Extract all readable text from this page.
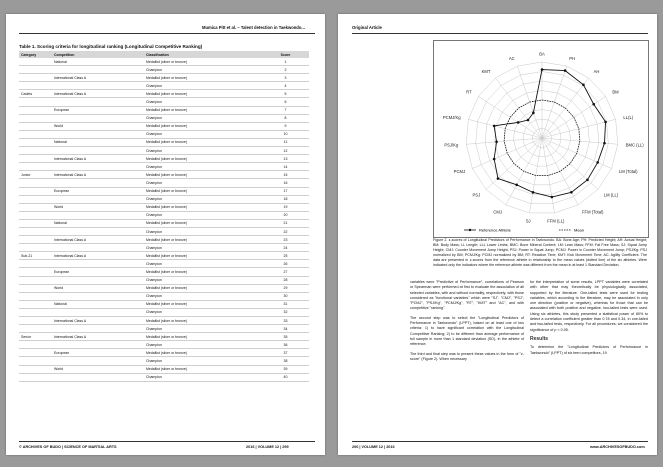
Mumica Pitt et al. – Talent detection in Taekwondo...
Table 1. Scoring criteria for longitudinal ranking (Longitudinal Competitive Ranking)
Category	Competition	Classification	Score
	National	Medallist (silver or bronze)	1
		Champion	2
	International Class A	Medallist (silver or bronze)	3
		Champion	4
Cadets	International Class A	Medallist (silver or bronze)	5
		Champion	6
	European	Medallist (silver or bronze)	7
		Champion	8
	World	Medallist (silver or bronze)	9
		Champion	10
	National	Medallist (silver or bronze)	11
		Champion	12
	International Class A	Medallist (silver or bronze)	13
		Champion	14
Junior	International Class A	Medallist (silver or bronze)	15
		Champion	16
	European	Medallist (silver or bronze)	17
		Champion	18
	World	Medallist (silver or bronze)	19
		Champion	20
	National	Medallist (silver or bronze)	21
		Champion	22
	International Class A	Medallist (silver or bronze)	23
		Champion	24
Sub-21	International Class A	Medallist (silver or bronze)	25
		Champion	26
	European	Medallist (silver or bronze)	27
		Champion	28
	World	Medallist (silver or bronze)	29
		Champion	30
	National	Medallist (silver or bronze)	31
		Champion	32
	International Class A	Medallist (silver or bronze)	33
		Champion	34
Senior	International Class A	Medallist (silver or bronze)	35
		Champion	36
	European	Medallist (silver or bronze)	37
		Champion	38
	World	Medallist (silver or bronze)	39
		Champion	40
© ARCHIVES OF BUDO | SCIENCE OF MARTIAL ARTS	2016 | VOLUME 12 | 299
Original Article
BA
PH
AH
BM
LL(L)
BMC (LL)
LM (Total)
LM (LL)
FFM (Total)
FFM (LL)
SJ
CMJ
PSJ
PCMJ
PSJ/Kg
PCMJ/Kg
RT
KMT
AC
Reference Athlete	Mean
Figure 2. z-scores of Longitudinal Predictors of Performance in Taekwondo. BA: Bone Age; PH: Predicted Height; AH: Actual Height; BM: Body Mass; LL Length; LLL Lower Limbs; BMC: Bone Mineral Content; LM: Lean Mass; FFM: Fat Free Mass; SJ: Squat Jump Height; CMJ: Counter Movement Jump Height; PSJ: Power in Squat Jump; PCMJ: Power in Counter Movement Jump; PSJ/Kg: PSJ normalized by BM; PCMJ/Kg: PCMJ normalized by BM; RT: Reaction Time; KMT: Kick Movement Time; AC: Agility Coefficient. The data are presented in z-scores from the reference athlete in relationship to the mean values (dotted line) of the six athletes. Were indicated only the indicators where the reference athlete was different from the mean in at least 1 Standard Deviation.

variables were "Predictive of Performance", correlations of Pearson or Spearman were performed at first to evaluate the association of all selected variables, with and without normality, respectively, with those considered as "functional variables" which were "SJ", "CMJ", "PSJ", "PCMJ", "PSJ/Kg", "PCMJ/Kg", "RT", "KMT" and "AC", and with competitive "ranking".

The second step was to select the "Longitudinal Predictors of Performance in Taekwondo" (LPPT), based on at least one of two criteria: 1) to have significant correlation with the Longitudinal Competitive Ranking; 2) to be different than average performance of full sample in more than 1 standard deviation (SD), in the athlete of reference.

The third and final step was to present these values in the form of "z-score" (Figure 2). When necessary

for the interpretation of some results, LPPT variables were correlated with other that may theoretically be physiologically associated, supported by the literature. One-tailed tests were used for testing variables, which according to the literature, may be associated in only one direction (positive or negative), whereas for those that can be associated with both positive and negative, two-tailed tests were used. Using six athletes, this study presented a statistical power of 80% to detect a correlation coefficient greater than 0.78 and 0.34, in one-tailed and two-tailed tests, respectively. For all procedures, we considered the significance of p < 0.05.

Results

To determine the "Longitudinal Predictors of Performance in Taekwondo" (LPPT) of six teen competitors, 19

200 | VOLUME 12 | 2016	www.ARCHIVESOFBUDO.com
